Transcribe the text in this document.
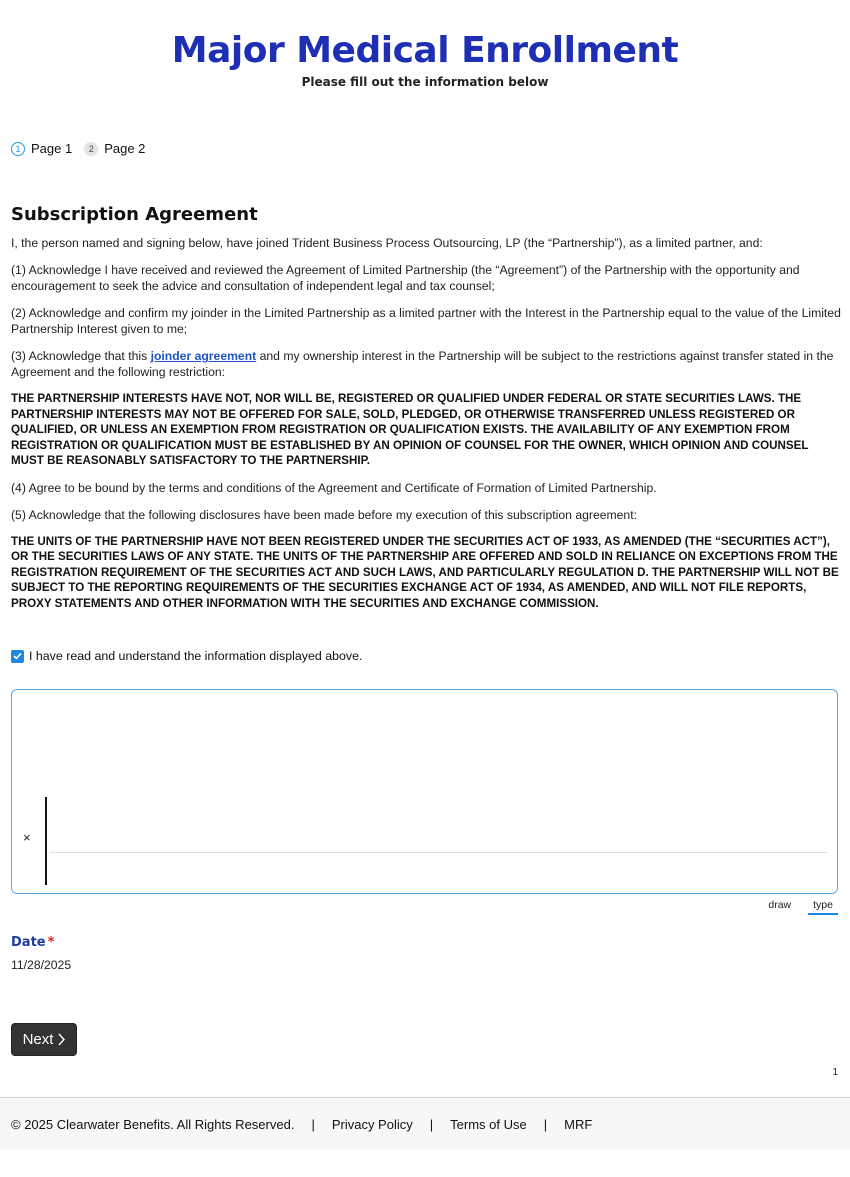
Major Medical Enrollment
Please fill out the information below
1 Page 1	2 Page 2
Subscription Agreement

I, the person named and signing below, have joined Trident Business Process Outsourcing, LP (the “Partnership”), as a limited partner, and:

(1) Acknowledge I have received and reviewed the Agreement of Limited Partnership (the “Agreement”) of the Partnership with the opportunity and encouragement to seek the advice and consultation of independent legal and tax counsel;

(2) Acknowledge and confirm my joinder in the Limited Partnership as a limited partner with the Interest in the Partnership equal to the value of the Limited Partnership Interest given to me;

(3) Acknowledge that this joinder agreement and my ownership interest in the Partnership will be subject to the restrictions against transfer stated in the Agreement and the following restriction:

THE PARTNERSHIP INTERESTS HAVE NOT, NOR WILL BE, REGISTERED OR QUALIFIED UNDER FEDERAL OR STATE SECURITIES LAWS. THE PARTNERSHIP INTERESTS MAY NOT BE OFFERED FOR SALE, SOLD, PLEDGED, OR OTHERWISE TRANSFERRED UNLESS REGISTERED OR QUALIFIED, OR UNLESS AN EXEMPTION FROM REGISTRATION OR QUALIFICATION EXISTS. THE AVAILABILITY OF ANY EXEMPTION FROM REGISTRATION OR QUALIFICATION MUST BE ESTABLISHED BY AN OPINION OF COUNSEL FOR THE OWNER, WHICH OPINION AND COUNSEL MUST BE REASONABLY SATISFACTORY TO THE PARTNERSHIP.

(4) Agree to be bound by the terms and conditions of the Agreement and Certificate of Formation of Limited Partnership.

(5) Acknowledge that the following disclosures have been made before my execution of this subscription agreement:

THE UNITS OF THE PARTNERSHIP HAVE NOT BEEN REGISTERED UNDER THE SECURITIES ACT OF 1933, AS AMENDED (THE “SECURITIES ACT”), OR THE SECURITIES LAWS OF ANY STATE. THE UNITS OF THE PARTNERSHIP ARE OFFERED AND SOLD IN RELIANCE ON EXCEPTIONS FROM THE REGISTRATION REQUIREMENT OF THE SECURITIES ACT AND SUCH LAWS, AND PARTICULARLY REGULATION D. THE PARTNERSHIP WILL NOT BE SUBJECT TO THE REPORTING REQUIREMENTS OF THE SECURITIES EXCHANGE ACT OF 1934, AS AMENDED, AND WILL NOT FILE REPORTS, PROXY STATEMENTS AND OTHER INFORMATION WITH THE SECURITIES AND EXCHANGE COMMISSION.

I have read and understand the information displayed above.
×
draw	type
Date *
11/28/2025
Next
1
© 2025 Clearwater Benefits. All Rights Reserved. | Privacy Policy | Terms of Use | MRF
